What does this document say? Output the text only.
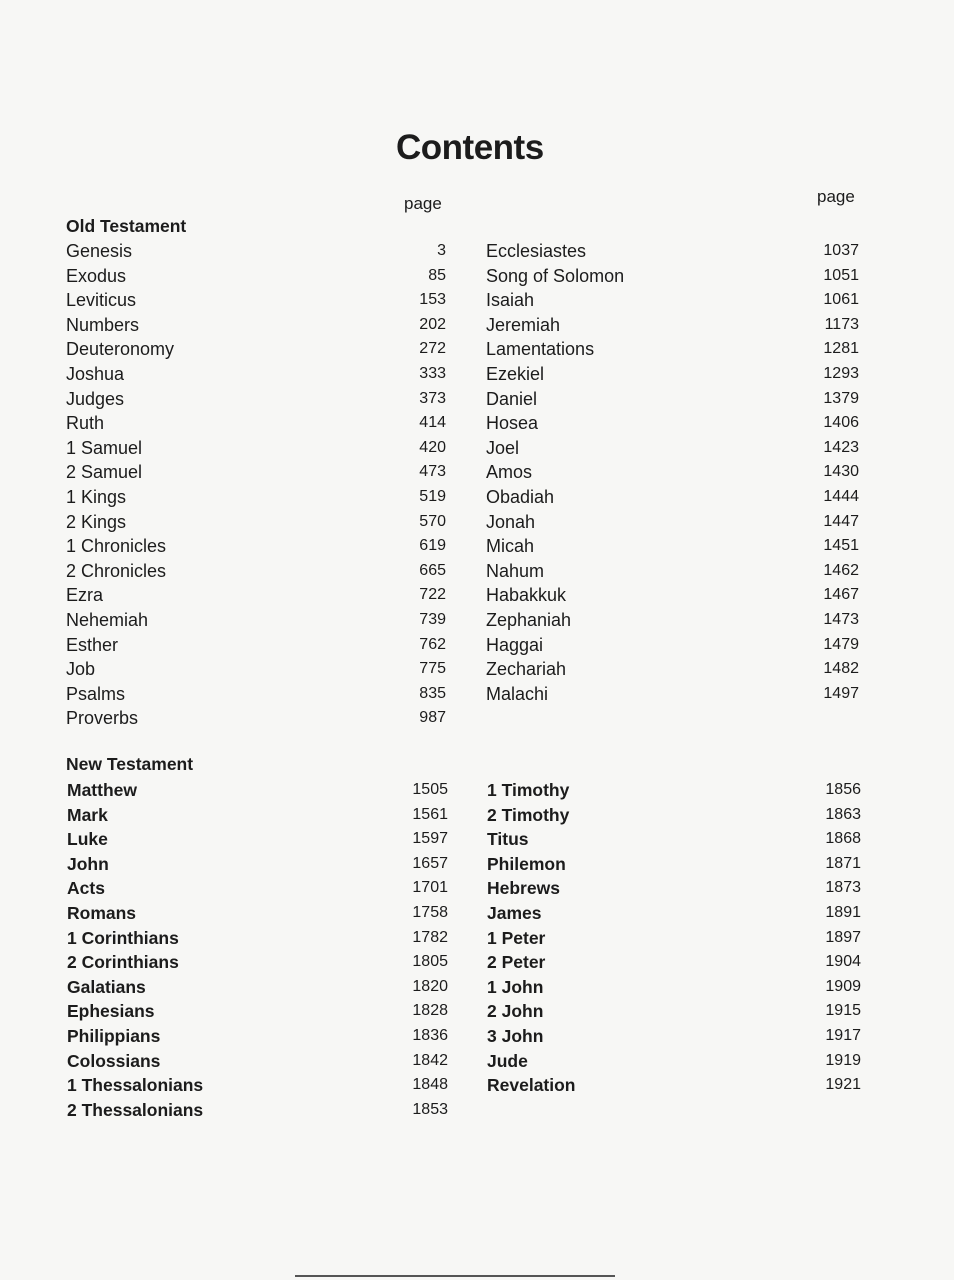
Contents
page	page
Old Testament
Genesis	3
Exodus	85
Leviticus	153
Numbers	202
Deuteronomy	272
Joshua	333
Judges	373
Ruth	414
1 Samuel	420
2 Samuel	473
1 Kings	519
2 Kings	570
1 Chronicles	619
2 Chronicles	665
Ezra	722
Nehemiah	739
Esther	762
Job	775
Psalms	835
Proverbs	987
Ecclesiastes	1037
Song of Solomon	1051
Isaiah	1061
Jeremiah	1173
Lamentations	1281
Ezekiel	1293
Daniel	1379
Hosea	1406
Joel	1423
Amos	1430
Obadiah	1444
Jonah	1447
Micah	1451
Nahum	1462
Habakkuk	1467
Zephaniah	1473
Haggai	1479
Zechariah	1482
Malachi	1497
New Testament
Matthew	1505
Mark	1561
Luke	1597
John	1657
Acts	1701
Romans	1758
1 Corinthians	1782
2 Corinthians	1805
Galatians	1820
Ephesians	1828
Philippians	1836
Colossians	1842
1 Thessalonians	1848
2 Thessalonians	1853
1 Timothy	1856
2 Timothy	1863
Titus	1868
Philemon	1871
Hebrews	1873
James	1891
1 Peter	1897
2 Peter	1904
1 John	1909
2 John	1915
3 John	1917
Jude	1919
Revelation	1921
